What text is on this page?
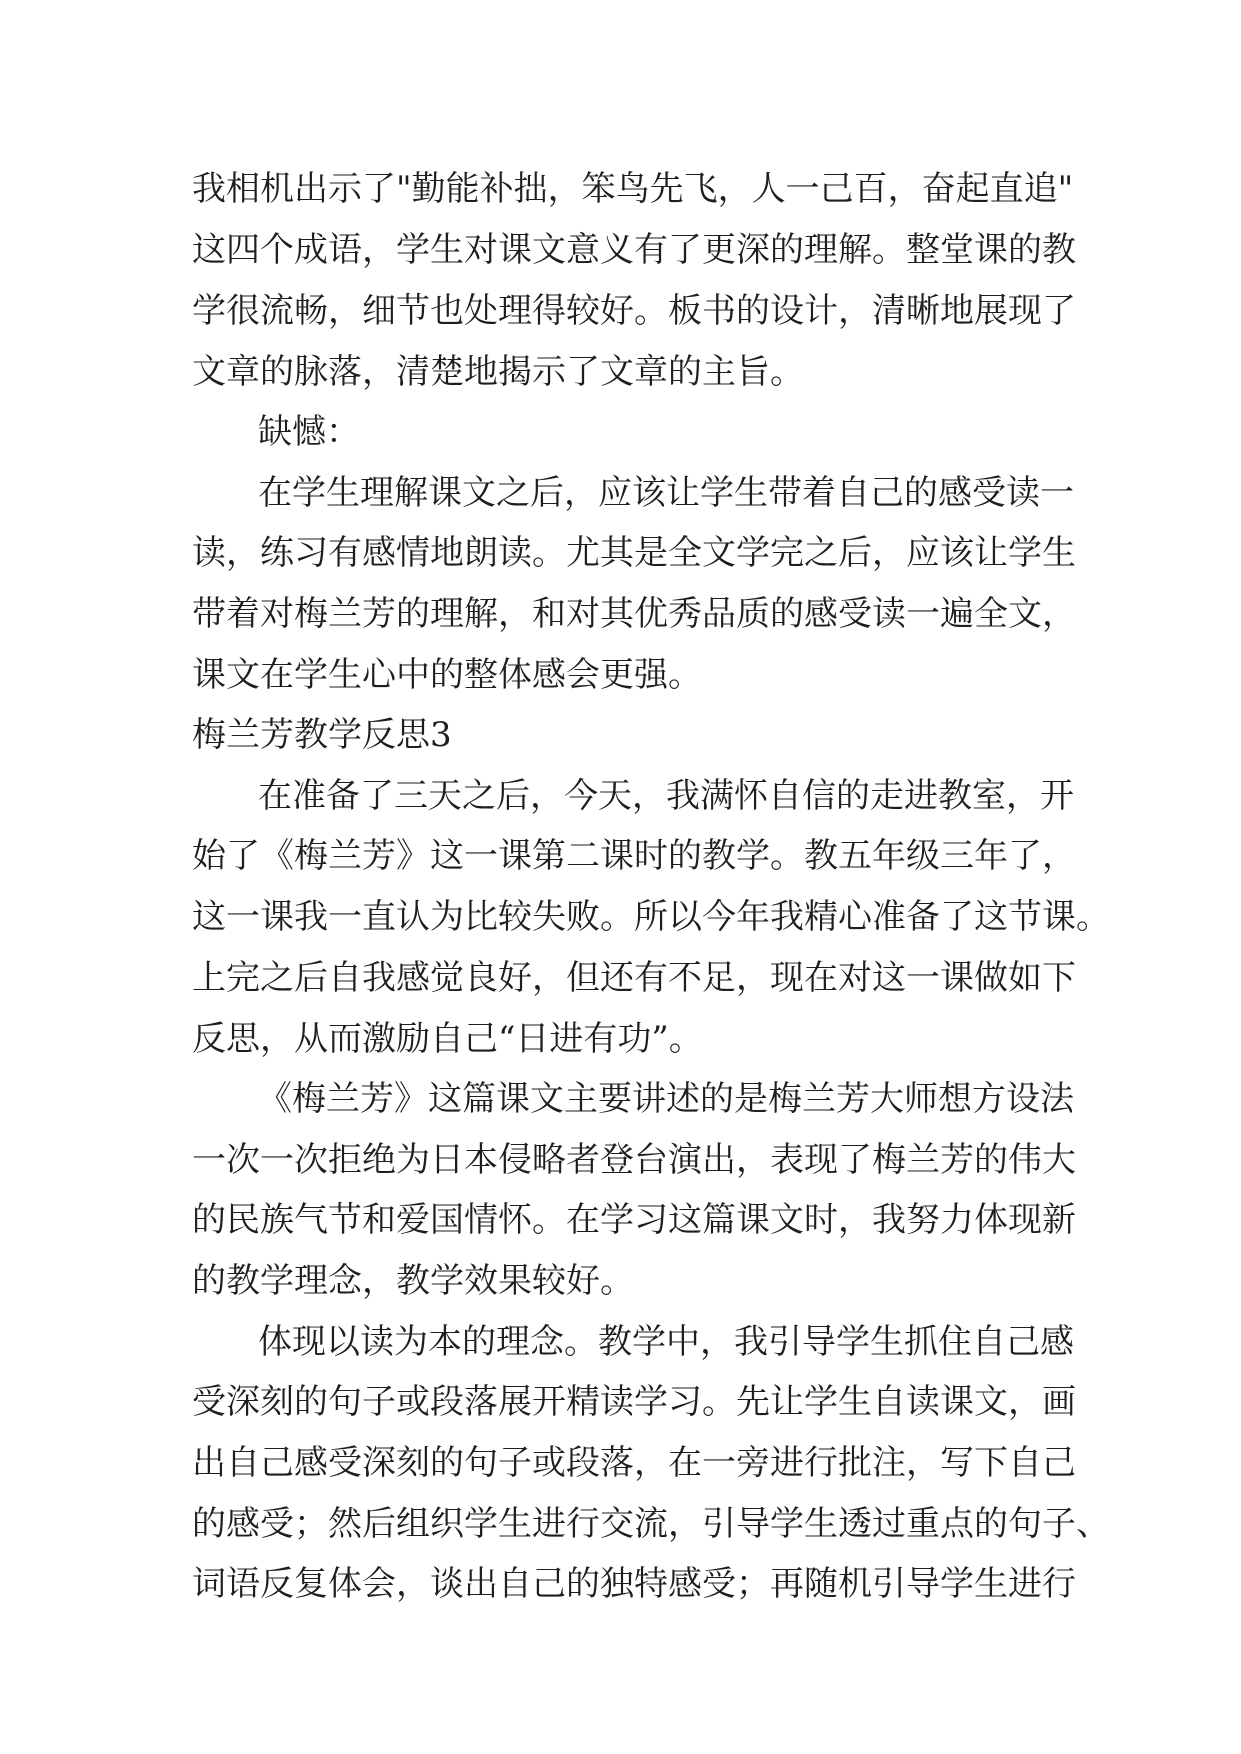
我相机出示了"勤能补拙，笨鸟先飞，人一己百，奋起直追"
这四个成语，学生对课文意义有了更深的理解。整堂课的教
学很流畅，细节也处理得较好。板书的设计，清晰地展现了
文章的脉落，清楚地揭示了文章的主旨。
缺憾：
在学生理解课文之后，应该让学生带着自己的感受读一
读，练习有感情地朗读。尤其是全文学完之后，应该让学生
带着对梅兰芳的理解，和对其优秀品质的感受读一遍全文，
课文在学生心中的整体感会更强。
梅兰芳教学反思3
在准备了三天之后，今天，我满怀自信的走进教室，开
始了《梅兰芳》这一课第二课时的教学。教五年级三年了，
这一课我一直认为比较失败。所以今年我精心准备了这节课。
上完之后自我感觉良好，但还有不足，现在对这一课做如下
反思，从而激励自己“日进有功”。
《梅兰芳》这篇课文主要讲述的是梅兰芳大师想方设法
一次一次拒绝为日本侵略者登台演出，表现了梅兰芳的伟大
的民族气节和爱国情怀。在学习这篇课文时，我努力体现新
的教学理念，教学效果较好。
体现以读为本的理念。教学中，我引导学生抓住自己感
受深刻的句子或段落展开精读学习。先让学生自读课文，画
出自己感受深刻的句子或段落，在一旁进行批注，写下自己
的感受；然后组织学生进行交流，引导学生透过重点的句子、
词语反复体会，谈出自己的独特感受；再随机引导学生进行
